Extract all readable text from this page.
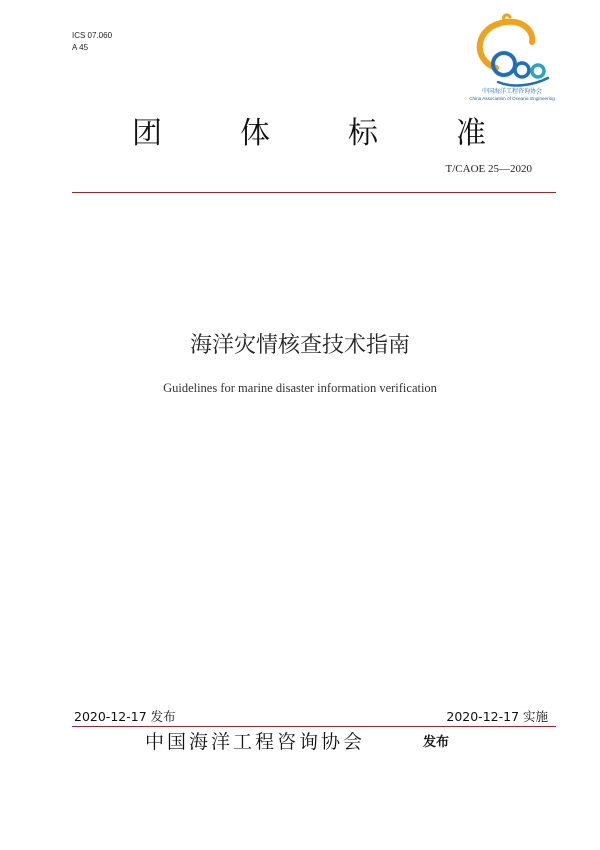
ICS 07.060
A 45
中国海洋工程咨询协会
China Association of Oceanic Engineering
团	体	标	准
T/CAOE 25—2020
海洋灾情核查技术指南
Guidelines for marine disaster information verification
2020-12-17 发布	2020-12-17 实施
中国海洋工程咨询协会	发布
